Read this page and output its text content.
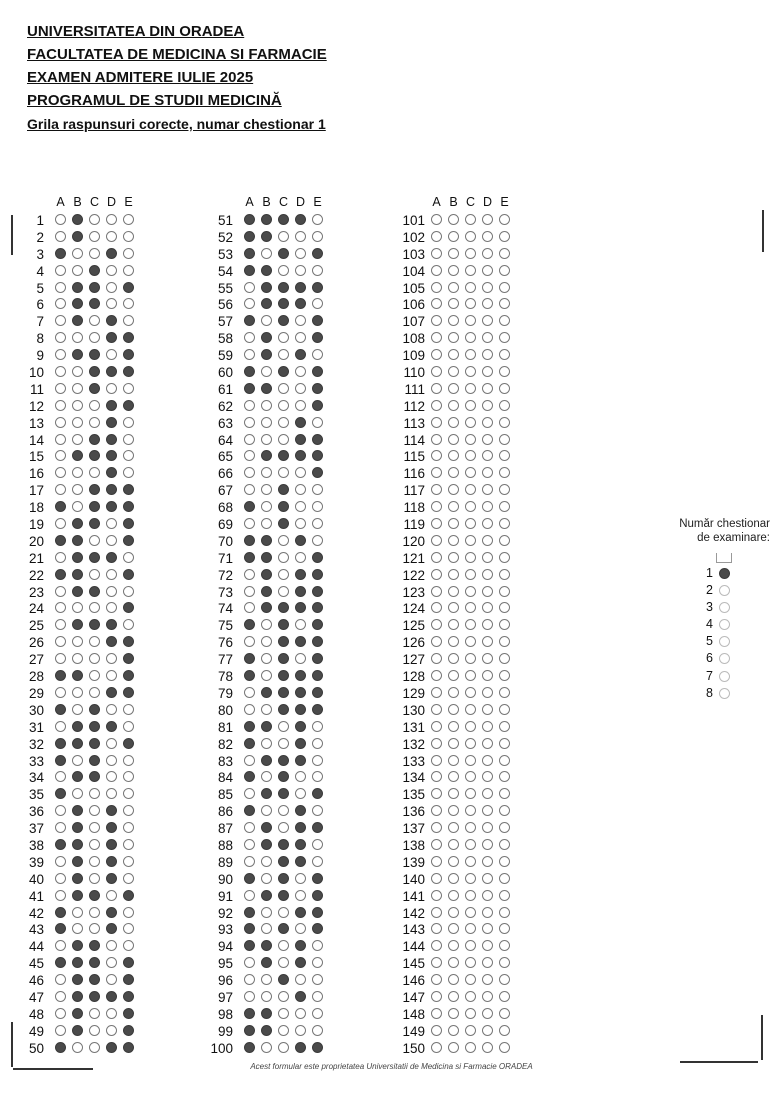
UNIVERSITATEA DIN ORADEA
FACULTATEA DE MEDICINA SI FARMACIE
EXAMEN ADMITERE IULIE 2025
PROGRAMUL DE STUDII MEDICINĂ
Grila raspunsuri corecte, numar chestionar 1
1
2
3
4
5
6
7
8
9
10
11
12
13
14
15
16
17
18
19
20
21
22
23
24
25
26
27
28
29
30
31
32
33
34
35
36
37
38
39
40
41
42
43
44
45
46
47
48
49
50
51
52
53
54
55
56
57
58
59
60
61
62
63
64
65
66
67
68
69
70
71
72
73
74
75
76
77
78
79
80
81
82
83
84
85
86
87
88
89
90
91
92
93
94
95
96
97
98
99
100
101
102
103
104
105
106
107
108
109
110
111
112
113
114
115
116
117
118
119
120
121
122
123
124
125
126
127
128
129
130
131
132
133
134
135
136
137
138
139
140
141
142
143
144
145
146
147
148
149
150
Număr chestionar
de examinare:
1
2
3
4
5
6
7
8
Acest formular este proprietatea Universitatii de Medicina si Farmacie ORADEA
A B C D E	A B C D E	A B C D E
